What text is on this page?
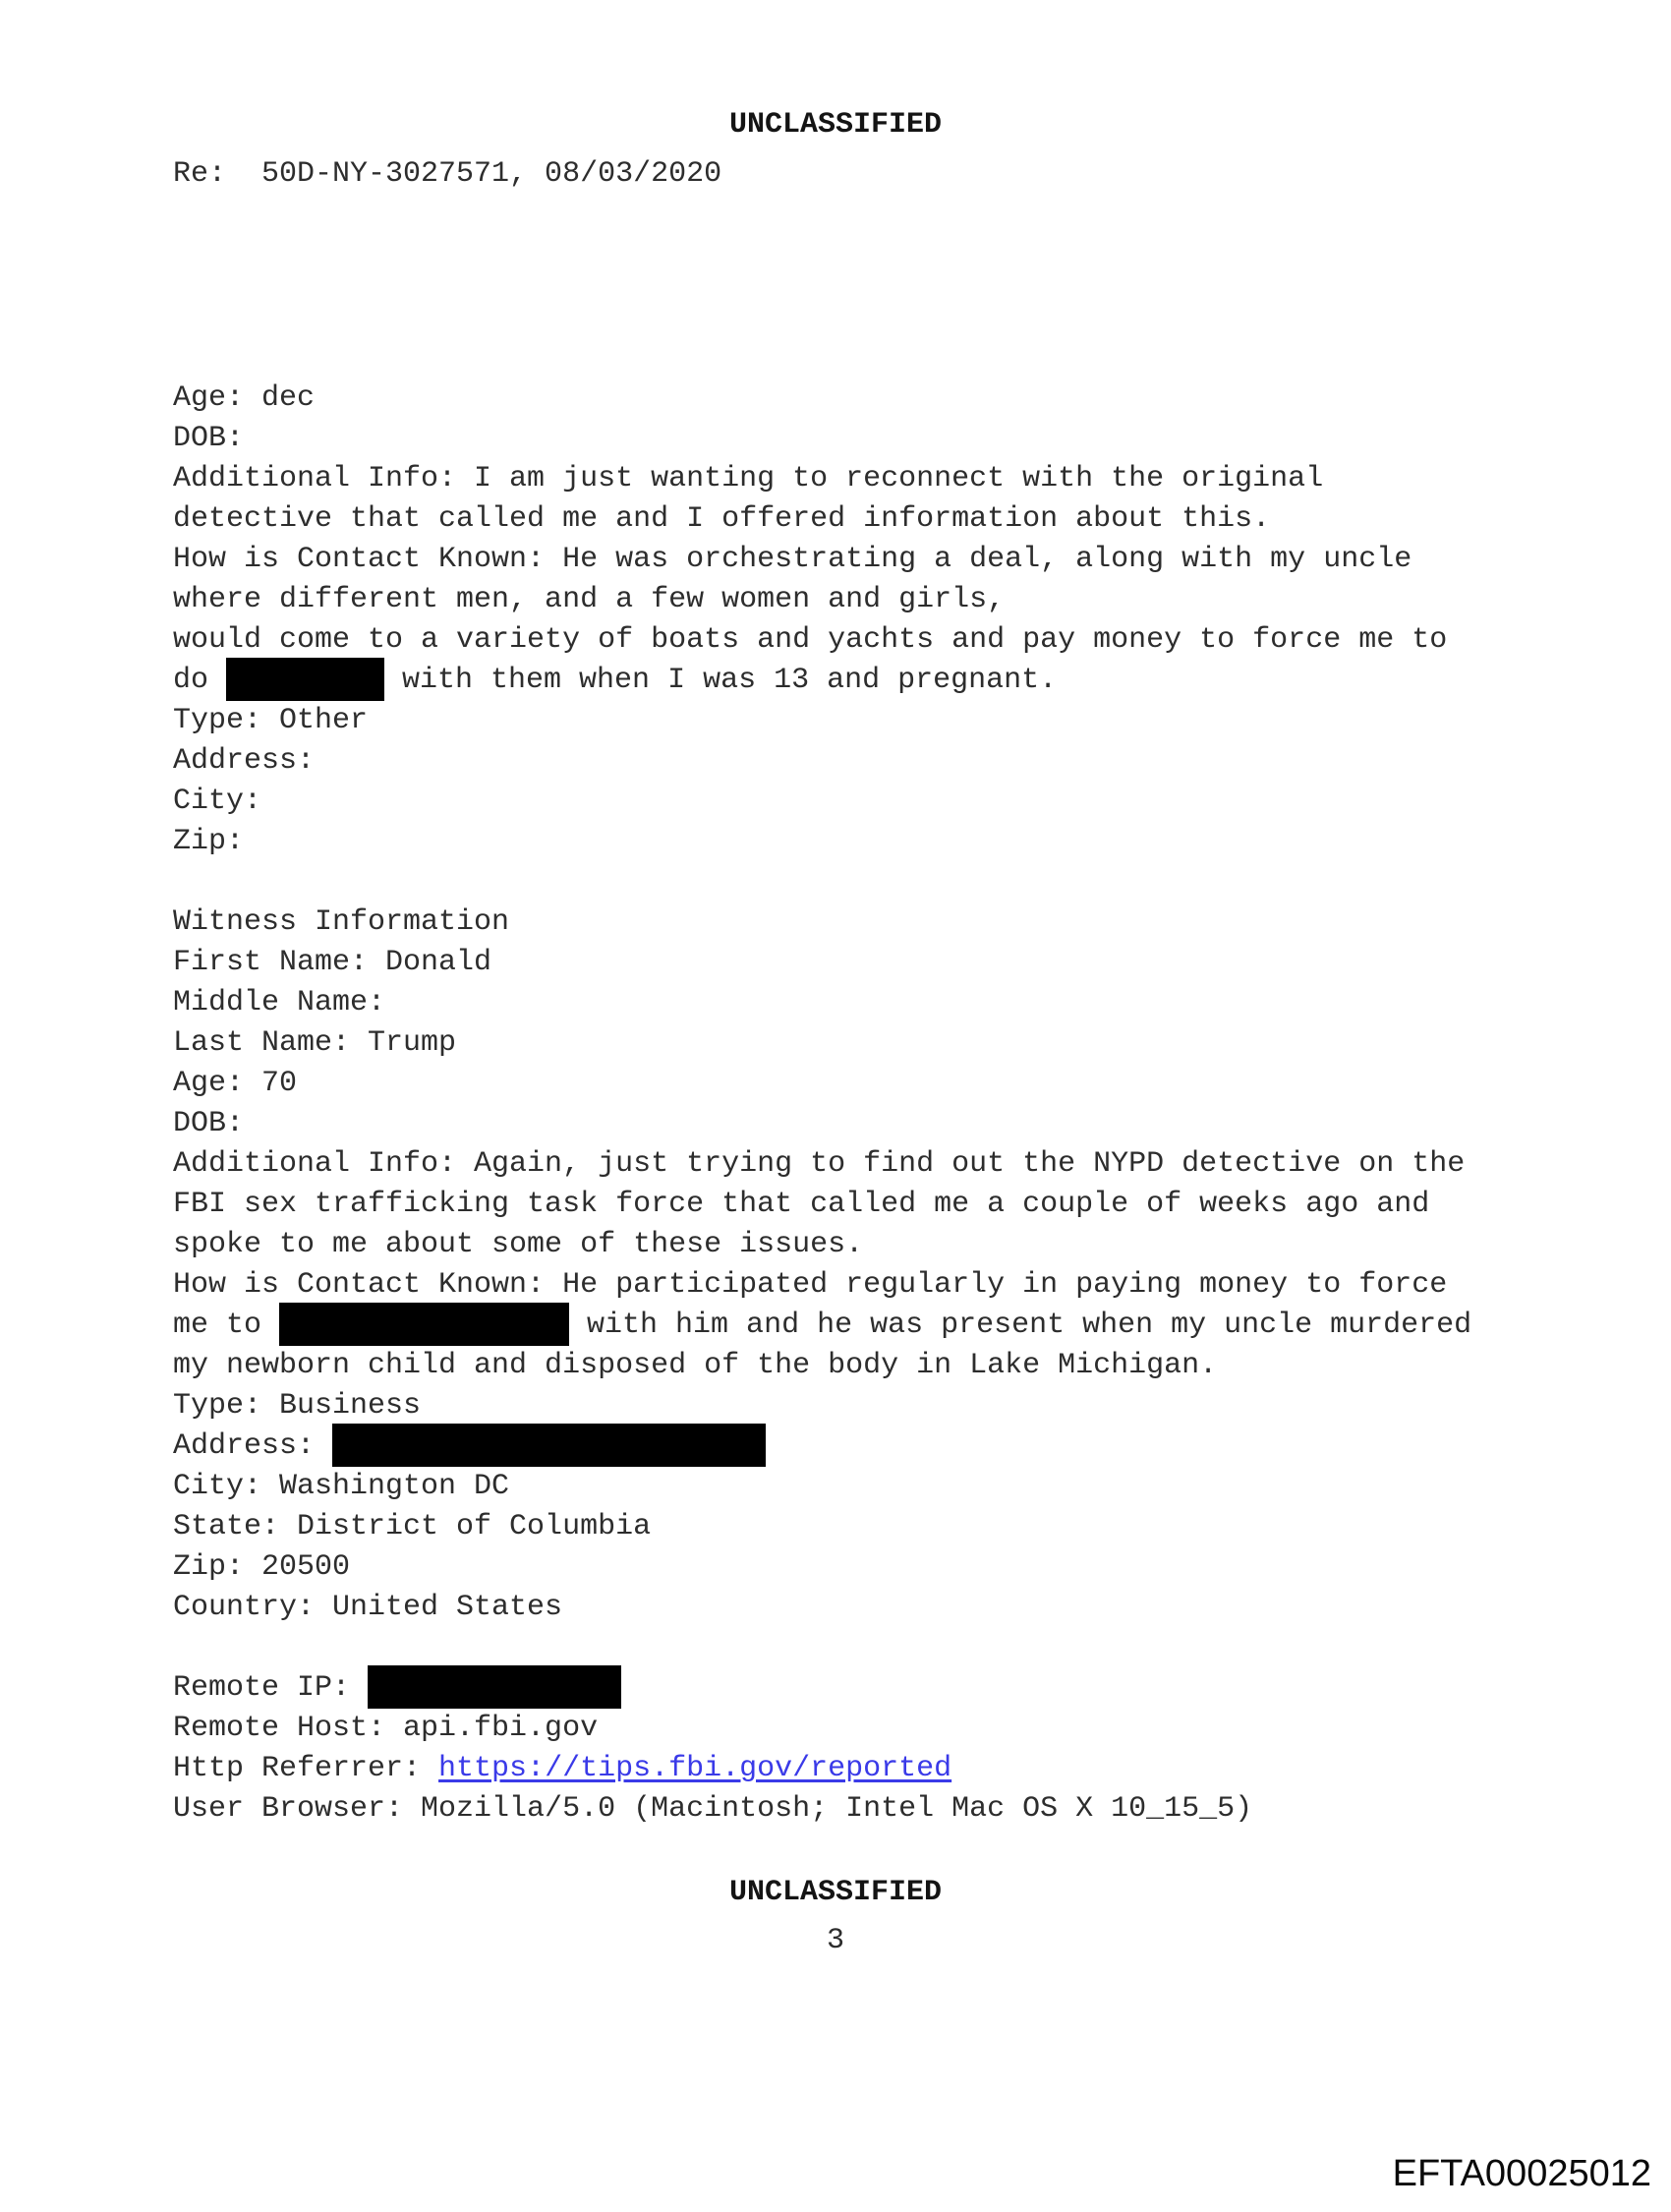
UNCLASSIFIED
Re:  50D-NY-3027571, 08/03/2020
Age: dec
DOB:
Additional Info: I am just wanting to reconnect with the original
detective that called me and I offered information about this.
How is Contact Known: He was orchestrating a deal, along with my uncle
where different men, and a few women and girls,
would come to a variety of boats and yachts and pay money to force me to
do	with them when I was 13 and pregnant.
Type: Other
Address:
City:
Zip:
Witness Information
First Name: Donald
Middle Name:
Last Name: Trump
Age: 70
DOB:
Additional Info: Again, just trying to find out the NYPD detective on the
FBI sex trafficking task force that called me a couple of weeks ago and
spoke to me about some of these issues.
How is Contact Known: He participated regularly in paying money to force
me to	with him and he was present when my uncle murdered
my newborn child and disposed of the body in Lake Michigan.
Type: Business
Address:
City: Washington DC
State: District of Columbia
Zip: 20500
Country: United States
Remote IP:
Remote Host: api.fbi.gov
Http Referrer: https://tips.fbi.gov/reported
User Browser: Mozilla/5.0 (Macintosh; Intel Mac OS X 10_15_5)
UNCLASSIFIED
3
EFTA00025012
